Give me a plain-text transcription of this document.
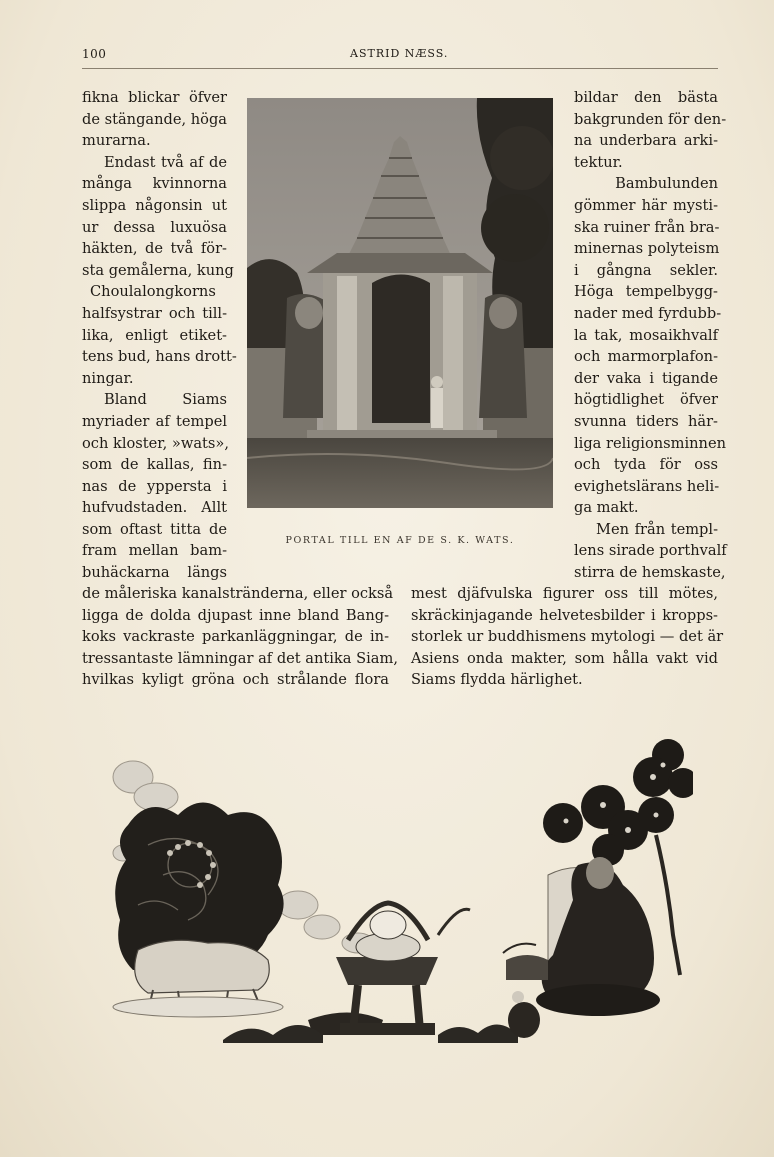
100	ASTRID NÆSS.
fikna blickar öfver
de stängande, höga
murarna.
Endast två af de
många kvinnorna
slippa någonsin ut
ur dessa luxuösa
häkten, de två för-
sta gemålerna, kung
Choulalongkorns
halfsystrar och till-
lika, enligt etiket-
tens bud, hans drott-
ningar.
Bland Siams
myriader af tempel
och kloster, »wats»,
som de kallas, fin-
nas de yppersta i
hufvudstaden. Allt
som oftast titta de
fram mellan bam-
buhäckarna längs
PORTAL TILL EN AF DE S. K. WATS.
bildar den bästa
bakgrunden för den-
na underbara arki-
tektur.
Bambulunden
gömmer här mysti-
ska ruiner från bra-
minernas polyteism
i gångna sekler.
Höga tempelbygg-
nader med fyrdubb-
la tak, mosaikhvalf
och marmorplafon-
der vaka i tigande
högtidlighet öfver
svunna tiders här-
liga religionsminnen
och tyda för oss
evighetslärans heli-
ga makt.
Men från templ-
lens sirade porthvalf
stirra de hemskaste,
de måleriska kanalstränderna, eller också
ligga de dolda djupast inne bland Bang-
koks vackraste parkanläggningar, de in-
tressantaste lämningar af det antika Siam,
hvilkas kyligt gröna och strålande flora
mest djäfvulska figurer oss till mötes,
skräckinjagande helvetesbilder i kropps-
storlek ur buddhismens mytologi — det är
Asiens onda makter, som hålla vakt vid
Siams flydda härlighet.
